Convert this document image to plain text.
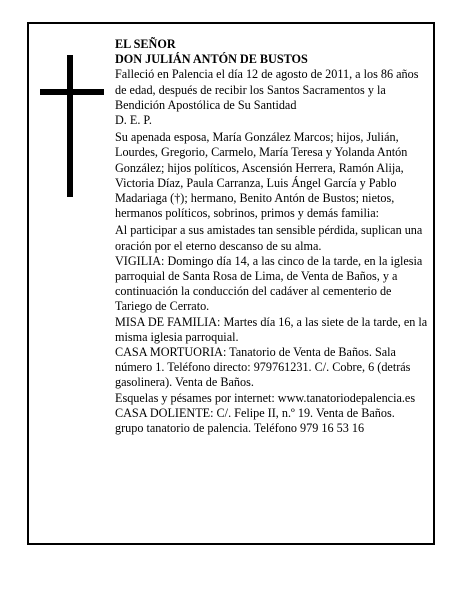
EL SEÑOR

DON JULIÁN ANTÓN DE BUSTOS

Falleció en Palencia el día 12 de agosto de 2011, a los 86 años de edad, después de recibir los Santos Sacramentos y la Bendición Apostólica de Su Santidad

D. E. P.

Su apenada esposa, María González Marcos; hijos, Julián, Lourdes, Gregorio, Carmelo, María Teresa y Yolanda Antón González; hijos políticos, Ascensión Herrera, Ramón Alija, Victoria Díaz, Paula Carranza, Luis Ángel García y Pablo Madariaga (†); hermano, Benito Antón de Bustos; nietos, hermanos políticos, sobrinos, primos y demás familia:

Al participar a sus amistades tan sensible pérdida, suplican una oración por el eterno descanso de su alma.

VIGILIA: Domingo día 14, a las cinco de la tarde, en la iglesia parroquial de Santa Rosa de Lima, de Venta de Baños, y a continuación la conducción del cadáver al cementerio de Tariego de Cerrato.

MISA DE FAMILIA: Martes día 16, a las siete de la tarde, en la misma iglesia parroquial.

CASA MORTUORIA: Tanatorio de Venta de Baños. Sala número 1. Teléfono directo: 979761231. C/. Cobre, 6 (detrás gasolinera). Venta de Baños.

Esquelas y pésames por internet: www.tanatoriodepalencia.es

CASA DOLIENTE: C/. Felipe II, n.º 19. Venta de Baños.

grupo tanatorio de palencia. Teléfono 979 16 53 16
